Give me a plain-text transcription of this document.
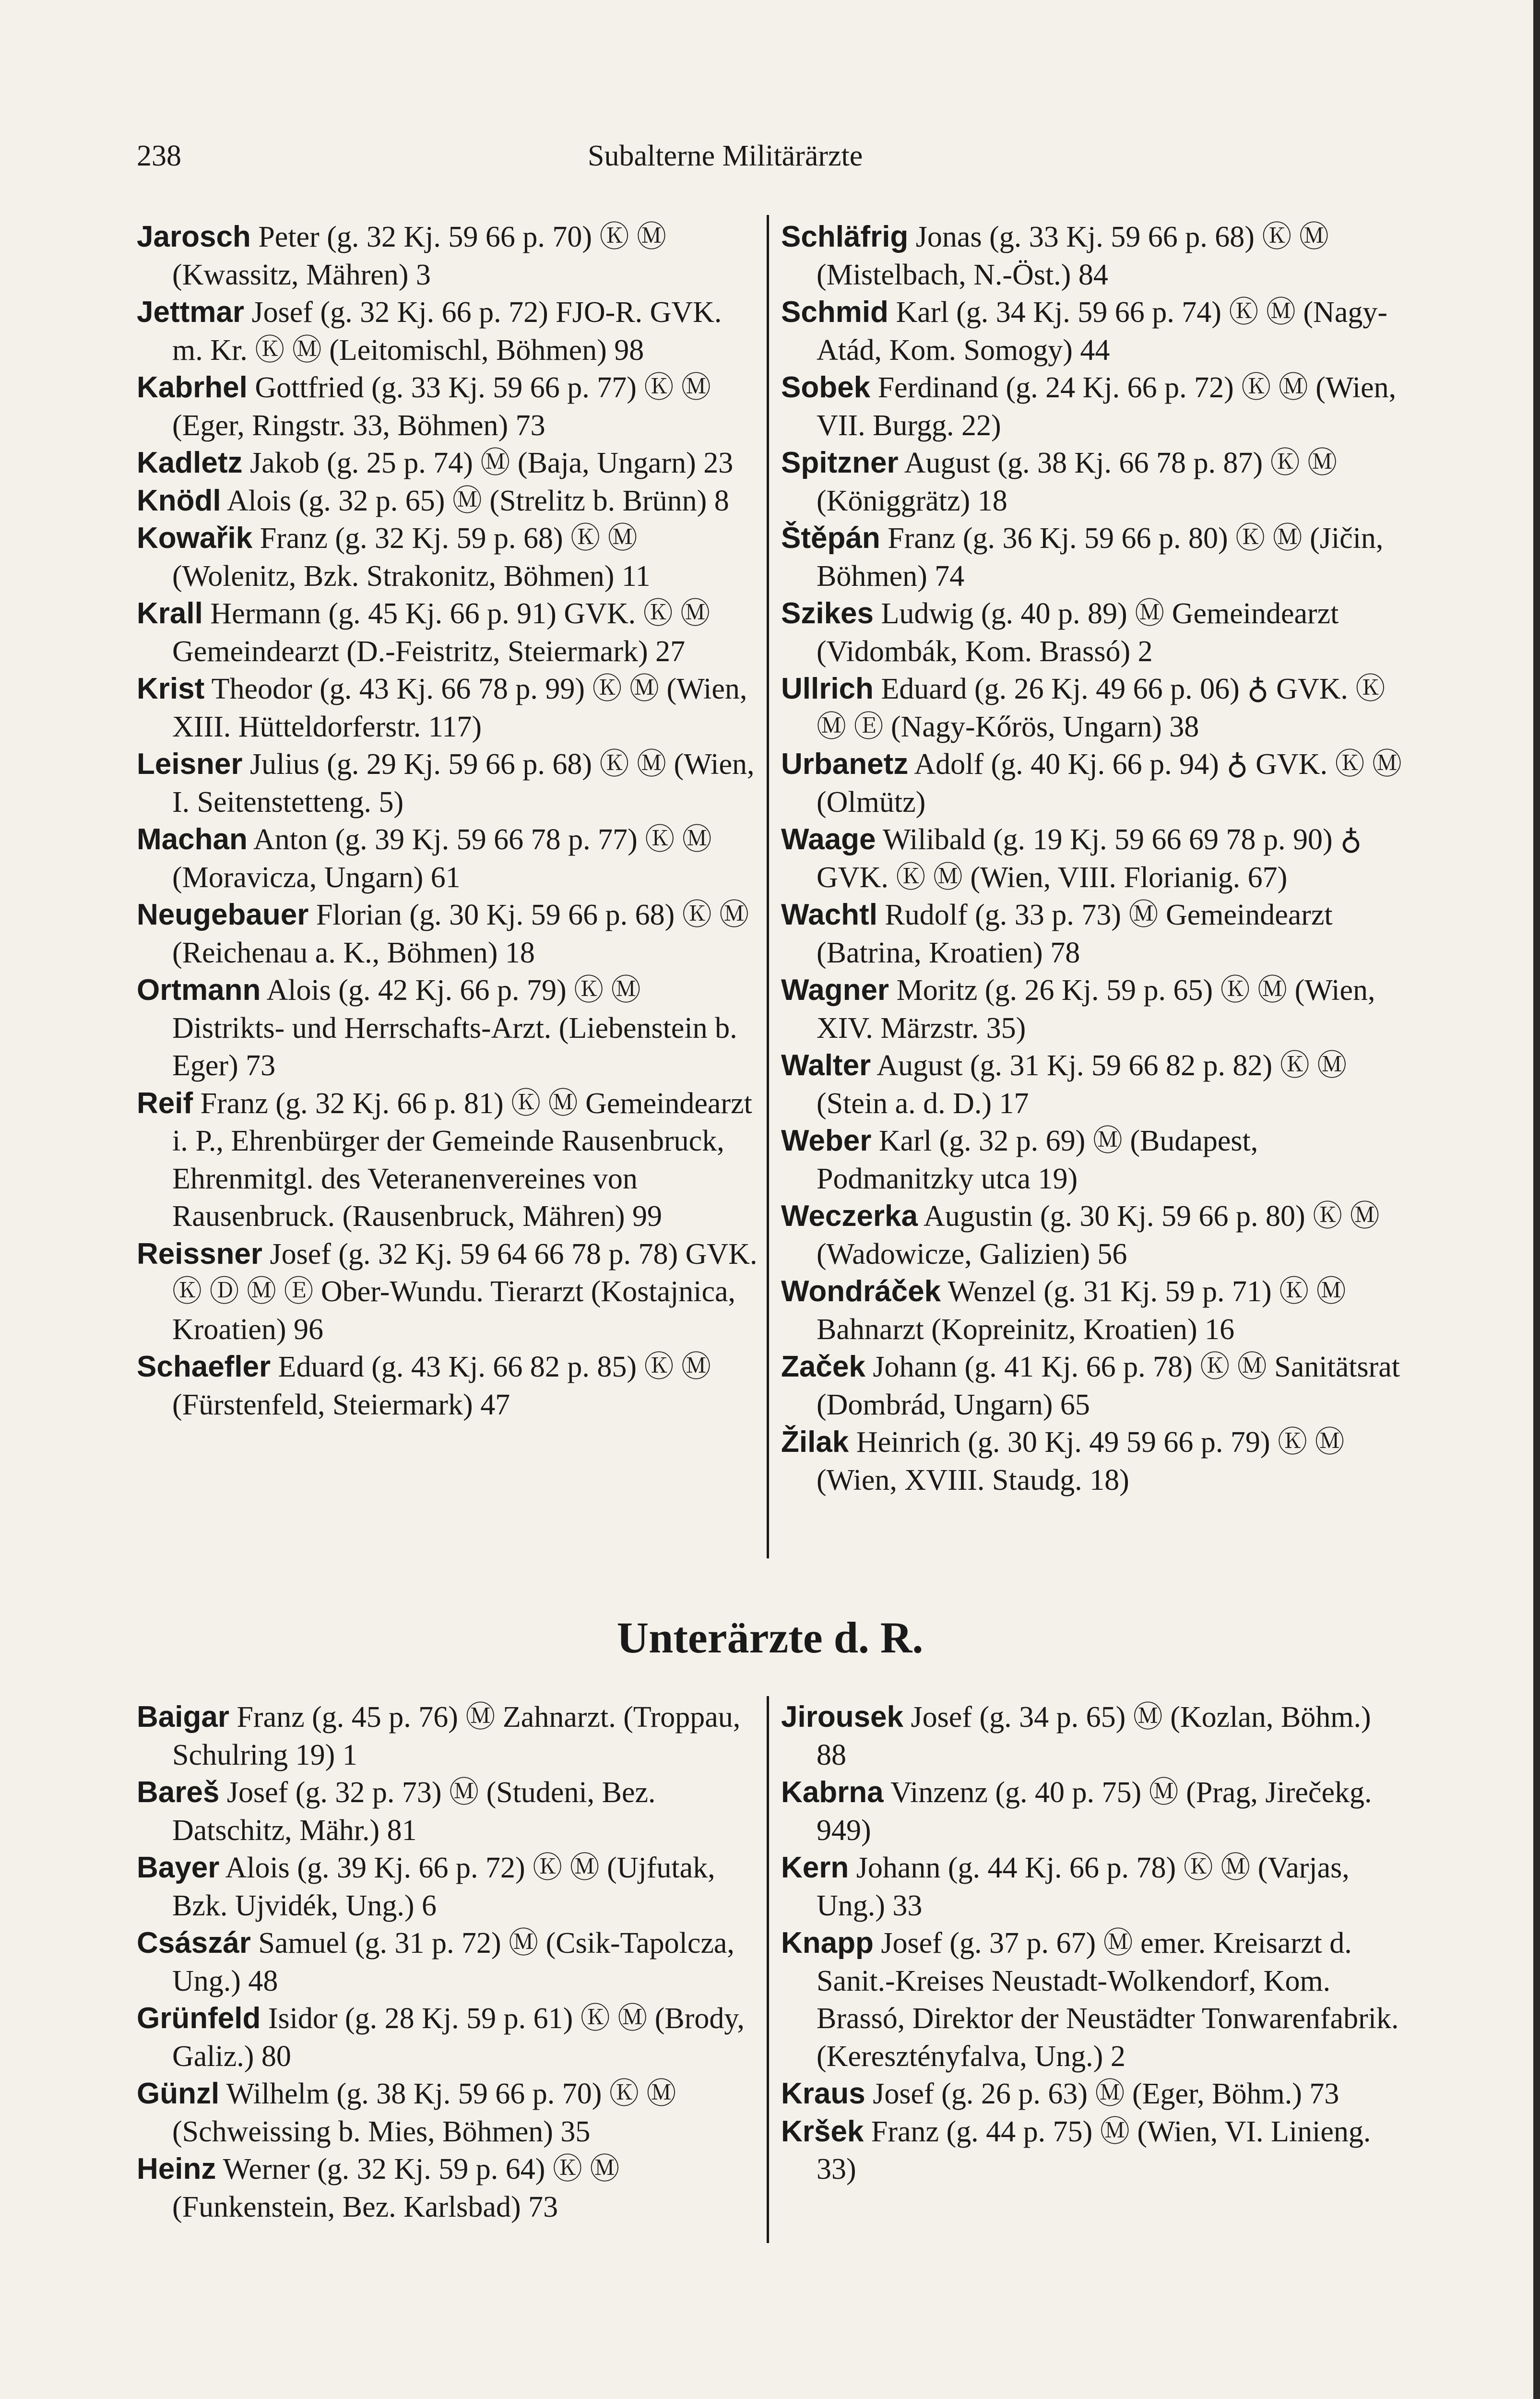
238	Subalterne Militärärzte
Jarosch Peter (g. 32 Kj. 59 66 p. 70) Ⓚ Ⓜ (Kwassitz, Mähren) 3
Jettmar Josef (g. 32 Kj. 66 p. 72) FJO-R. GVK. m. Kr. Ⓚ Ⓜ (Leitomischl, Böhmen) 98
Kabrhel Gottfried (g. 33 Kj. 59 66 p. 77) Ⓚ Ⓜ (Eger, Ringstr. 33, Böhmen) 73
Kadletz Jakob (g. 25 p. 74) Ⓜ (Baja, Ungarn) 23
Knödl Alois (g. 32 p. 65) Ⓜ (Strelitz b. Brünn) 8
Kowařik Franz (g. 32 Kj. 59 p. 68) Ⓚ Ⓜ (Wolenitz, Bzk. Strakonitz, Böhmen) 11
Krall Hermann (g. 45 Kj. 66 p. 91) GVK. Ⓚ Ⓜ Gemeindearzt (D.-Feistritz, Steiermark) 27
Krist Theodor (g. 43 Kj. 66 78 p. 99) Ⓚ Ⓜ (Wien, XIII. Hütteldorferstr. 117)
Leisner Julius (g. 29 Kj. 59 66 p. 68) Ⓚ Ⓜ (Wien, I. Seitenstetteng. 5)
Machan Anton (g. 39 Kj. 59 66 78 p. 77) Ⓚ Ⓜ (Moravicza, Ungarn) 61
Neugebauer Florian (g. 30 Kj. 59 66 p. 68) Ⓚ Ⓜ (Reichenau a. K., Böhmen) 18
Ortmann Alois (g. 42 Kj. 66 p. 79) Ⓚ Ⓜ Distrikts- und Herrschafts-Arzt. (Liebenstein b. Eger) 73
Reif Franz (g. 32 Kj. 66 p. 81) Ⓚ Ⓜ Gemeindearzt i. P., Ehrenbürger der Gemeinde Rausenbruck, Ehrenmitgl. des Veteranenvereines von Rausenbruck. (Rausenbruck, Mähren) 99
Reissner Josef (g. 32 Kj. 59 64 66 78 p. 78) GVK. Ⓚ Ⓓ Ⓜ Ⓔ Ober-Wundu. Tierarzt (Kostajnica, Kroatien) 96
Schaefler Eduard (g. 43 Kj. 66 82 p. 85) Ⓚ Ⓜ (Fürstenfeld, Steiermark) 47
Schläfrig Jonas (g. 33 Kj. 59 66 p. 68) Ⓚ Ⓜ (Mistelbach, N.-Öst.) 84
Schmid Karl (g. 34 Kj. 59 66 p. 74) Ⓚ Ⓜ (Nagy-Atád, Kom. Somogy) 44
Sobek Ferdinand (g. 24 Kj. 66 p. 72) Ⓚ Ⓜ (Wien, VII. Burgg. 22)
Spitzner August (g. 38 Kj. 66 78 p. 87) Ⓚ Ⓜ (Königgrätz) 18
Štěpán Franz (g. 36 Kj. 59 66 p. 80) Ⓚ Ⓜ (Jičin, Böhmen) 74
Szikes Ludwig (g. 40 p. 89) Ⓜ Gemeindearzt (Vidombák, Kom. Brassó) 2
Ullrich Eduard (g. 26 Kj. 49 66 p. 06) ♁ GVK. Ⓚ Ⓜ Ⓔ (Nagy-Kőrös, Ungarn) 38
Urbanetz Adolf (g. 40 Kj. 66 p. 94) ♁ GVK. Ⓚ Ⓜ (Olmütz)
Waage Wilibald (g. 19 Kj. 59 66 69 78 p. 90) ♁ GVK. Ⓚ Ⓜ (Wien, VIII. Florianig. 67)
Wachtl Rudolf (g. 33 p. 73) Ⓜ Gemeindearzt (Batrina, Kroatien) 78
Wagner Moritz (g. 26 Kj. 59 p. 65) Ⓚ Ⓜ (Wien, XIV. Märzstr. 35)
Walter August (g. 31 Kj. 59 66 82 p. 82) Ⓚ Ⓜ (Stein a. d. D.) 17
Weber Karl (g. 32 p. 69) Ⓜ (Budapest, Podmanitzky utca 19)
Weczerka Augustin (g. 30 Kj. 59 66 p. 80) Ⓚ Ⓜ (Wadowicze, Galizien) 56
Wondráček Wenzel (g. 31 Kj. 59 p. 71) Ⓚ Ⓜ Bahnarzt (Kopreinitz, Kroatien) 16
Začek Johann (g. 41 Kj. 66 p. 78) Ⓚ Ⓜ Sanitätsrat (Dombrád, Ungarn) 65
Žilak Heinrich (g. 30 Kj. 49 59 66 p. 79) Ⓚ Ⓜ (Wien, XVIII. Staudg. 18)
Unterärzte d. R.
Baigar Franz (g. 45 p. 76) Ⓜ Zahnarzt. (Troppau, Schulring 19) 1
Bareš Josef (g. 32 p. 73) Ⓜ (Studeni, Bez. Datschitz, Mähr.) 81
Bayer Alois (g. 39 Kj. 66 p. 72) Ⓚ Ⓜ (Ujfutak, Bzk. Ujvidék, Ung.) 6
Császár Samuel (g. 31 p. 72) Ⓜ (Csik-Tapolcza, Ung.) 48
Grünfeld Isidor (g. 28 Kj. 59 p. 61) Ⓚ Ⓜ (Brody, Galiz.) 80
Günzl Wilhelm (g. 38 Kj. 59 66 p. 70) Ⓚ Ⓜ (Schweissing b. Mies, Böhmen) 35
Heinz Werner (g. 32 Kj. 59 p. 64) Ⓚ Ⓜ (Funkenstein, Bez. Karlsbad) 73
Jirousek Josef (g. 34 p. 65) Ⓜ (Kozlan, Böhm.) 88
Kabrna Vinzenz (g. 40 p. 75) Ⓜ (Prag, Jirečekg. 949)
Kern Johann (g. 44 Kj. 66 p. 78) Ⓚ Ⓜ (Varjas, Ung.) 33
Knapp Josef (g. 37 p. 67) Ⓜ emer. Kreisarzt d. Sanit.-Kreises Neustadt-Wolkendorf, Kom. Brassó, Direktor der Neustädter Tonwarenfabrik. (Keresztényfalva, Ung.) 2
Kraus Josef (g. 26 p. 63) Ⓜ (Eger, Böhm.) 73
Kršek Franz (g. 44 p. 75) Ⓜ (Wien, VI. Linieng. 33)
